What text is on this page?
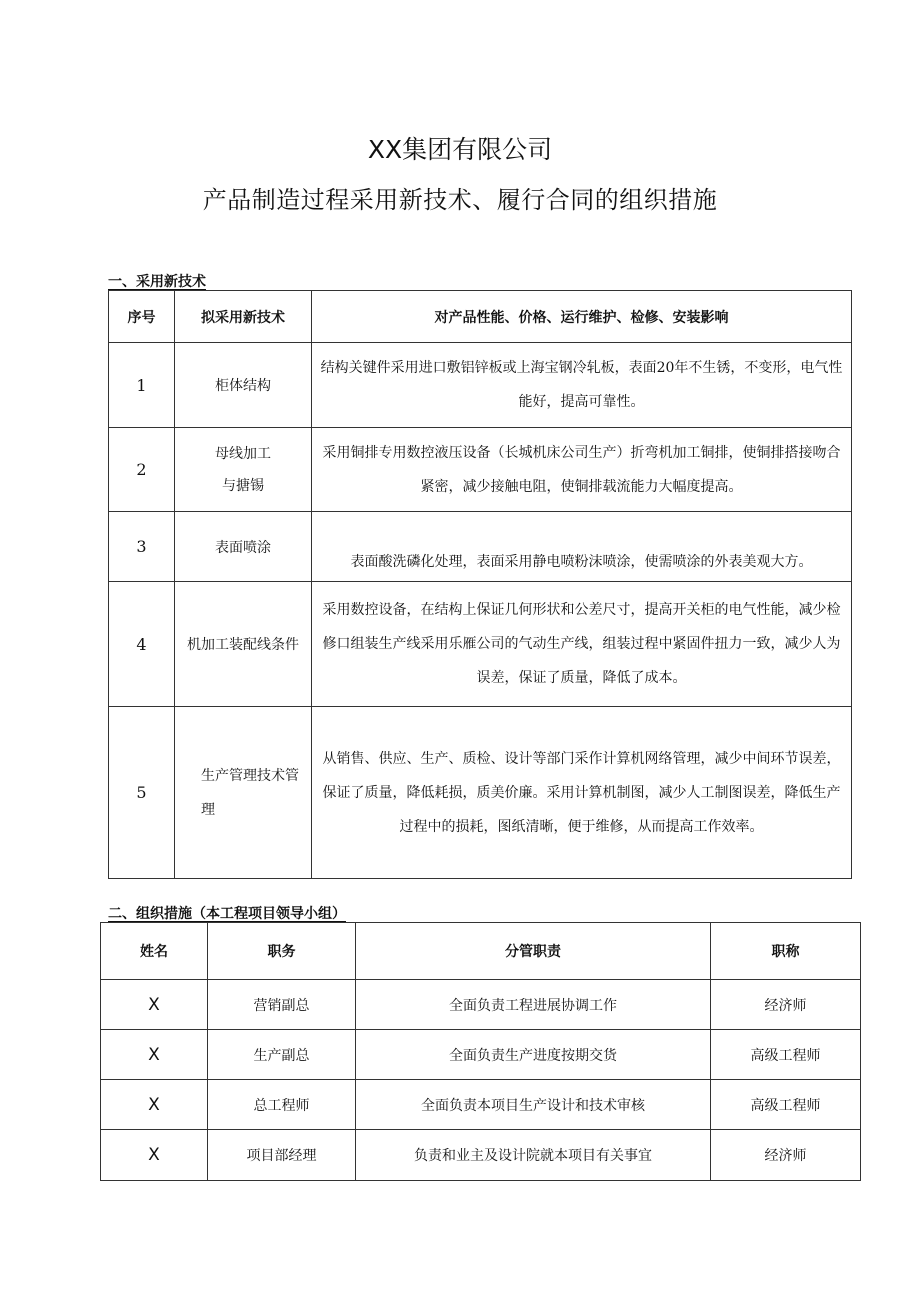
XX集团有限公司
产品制造过程采用新技术、履行合同的组织措施
一、采用新技术
序号	拟采用新技术	对产品性能、价格、运行维护、检修、安装影响
1	柜体结构	结构关键件采用进口敷铝锌板或上海宝钢冷轧板，表面20年不生锈，不变形，电气性能好，提高可靠性。
2	母线加工与搪锡	采用铜排专用数控液压设备（长城机床公司生产）折弯机加工铜排，使铜排搭接吻合紧密，减少接触电阻，使铜排载流能力大幅度提高。
3	表面喷涂	表面酸洗磷化处理，表面采用静电喷粉沫喷涂，使需喷涂的外表美观大方。
4	机加工装配线条件	采用数控设备，在结构上保证几何形状和公差尺寸，提高开关柜的电气性能，减少检修口组装生产线采用乐雁公司的气动生产线，组装过程中紧固件扭力一致，减少人为误差，保证了质量，降低了成本。
5	生产管理技术管理	从销售、供应、生产、质检、设计等部门采作计算机网络管理，减少中间环节误差，保证了质量，降低耗损，质美价廉。采用计算机制图，减少人工制图误差，降低生产过程中的损耗，图纸清晰，便于维修，从而提高工作效率。
二、组织措施（本工程项目领导小组）
姓名	职务	分管职责	职称
X	营销副总	全面负责工程进展协调工作	经济师
X	生产副总	全面负责生产进度按期交货	高级工程师
X	总工程师	全面负责本项目生产设计和技术审核	高级工程师
X	项目部经理	负责和业主及设计院就本项目有关事宜	经济师
